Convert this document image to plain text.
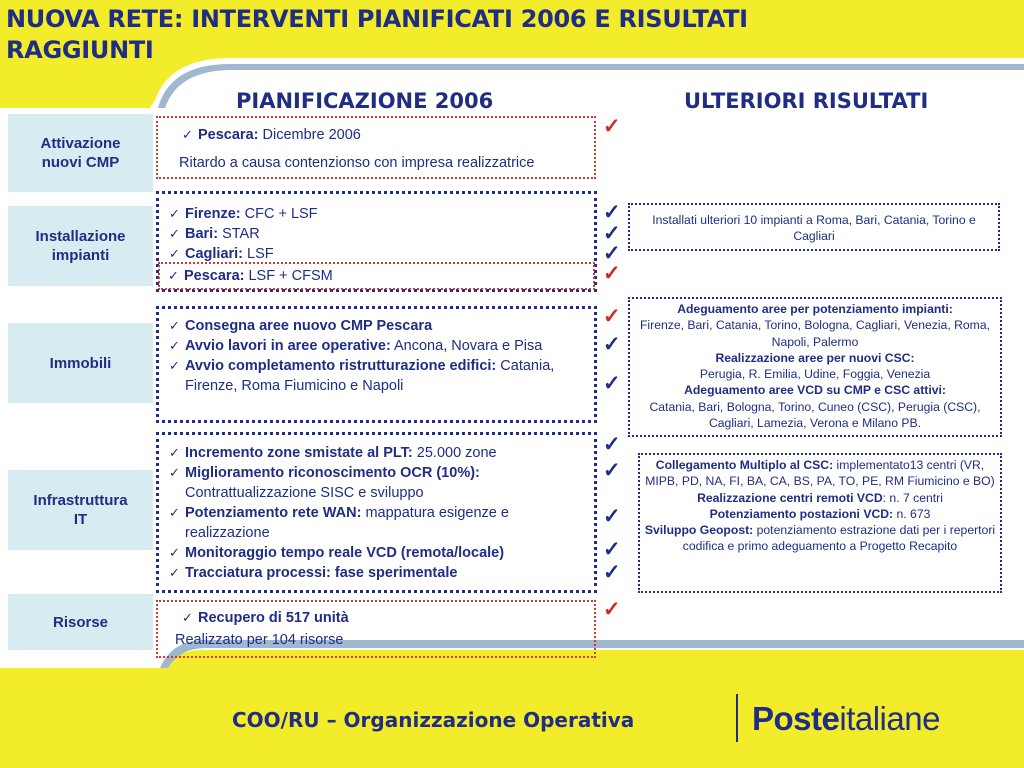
NUOVA RETE: INTERVENTI PIANIFICATI 2006 E RISULTATI
RAGGIUNTI
PIANIFICAZIONE 2006	ULTERIORI RISULTATI
Attivazione
nuovi CMP
Installazione
impianti
Immobili
Infrastruttura
IT
Risorse
✓ Pescara: Dicembre 2006
Ritardo a causa contenzionso con impresa realizzatrice
✓ Firenze: CFC + LSF
✓ Bari: STAR
✓ Cagliari: LSF
✓ Pescara: LSF + CFSM
Installati ulteriori 10 impianti a Roma, Bari, Catania, Torino e Cagliari
✓ Consegna aree nuovo CMP Pescara
✓ Avvio lavori in aree operative: Ancona, Novara e Pisa
✓ Avvio completamento ristrutturazione edifici: Catania, Firenze, Roma Fiumicino e Napoli
Adeguamento aree per potenziamento impianti:
Firenze, Bari, Catania, Torino, Bologna, Cagliari, Venezia, Roma, Napoli, Palermo
Realizzazione aree per nuovi CSC:
Perugia, R. Emilia, Udine, Foggia, Venezia
Adeguamento aree VCD su CMP e CSC attivi:
Catania, Bari, Bologna, Torino, Cuneo (CSC), Perugia (CSC), Cagliari, Lamezia, Verona e Milano PB.
✓ Incremento zone smistate al PLT: 25.000 zone
✓ Miglioramento riconoscimento OCR (10%): Contrattualizzazione SISC e sviluppo
✓ Potenziamento rete WAN: mappatura esigenze e realizzazione
✓ Monitoraggio tempo reale VCD (remota/locale)
✓ Tracciatura processi: fase sperimentale
Collegamento Multiplo al CSC: implementato13 centri (VR, MIPB, PD, NA, FI, BA, CA, BS, PA, TO, PE, RM Fiumicino e BO)
Realizzazione centri remoti VCD: n. 7 centri
Potenziamento postazioni VCD: n. 673
Sviluppo Geopost: potenziamento estrazione dati per i repertori codifica e primo adeguamento a Progetto Recapito
✓ Recupero di 517 unità
Realizzato per 104 risorse
✓
✓
✓
✓
✓
✓
✓
✓
✓
✓
✓
✓
✓
✓
COO/RU – Organizzazione Operativa	Posteitaliane
